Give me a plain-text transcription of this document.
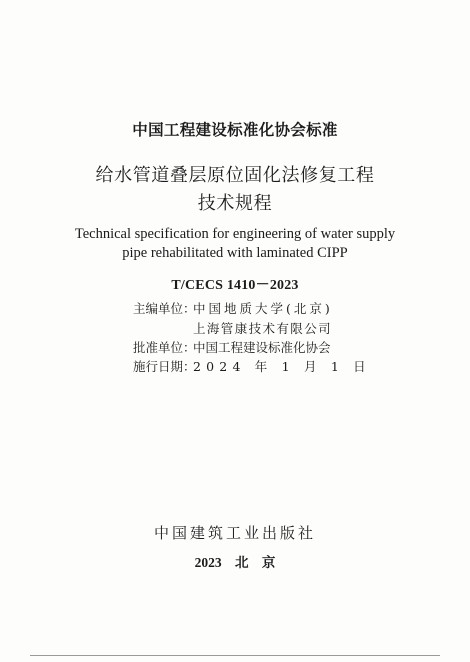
中国工程建设标准化协会标准
给水管道叠层原位固化法修复工程
技术规程
Technical specification for engineering of water supply
pipe rehabilitated with laminated CIPP
T/CECS 1410－2023
主编单位：中国地质大学(北京)
上海管康技术有限公司
批准单位：中国工程建设标准化协会
施行日期：2024 年 1 月 1 日
中国建筑工业出版社
2023 北 京
